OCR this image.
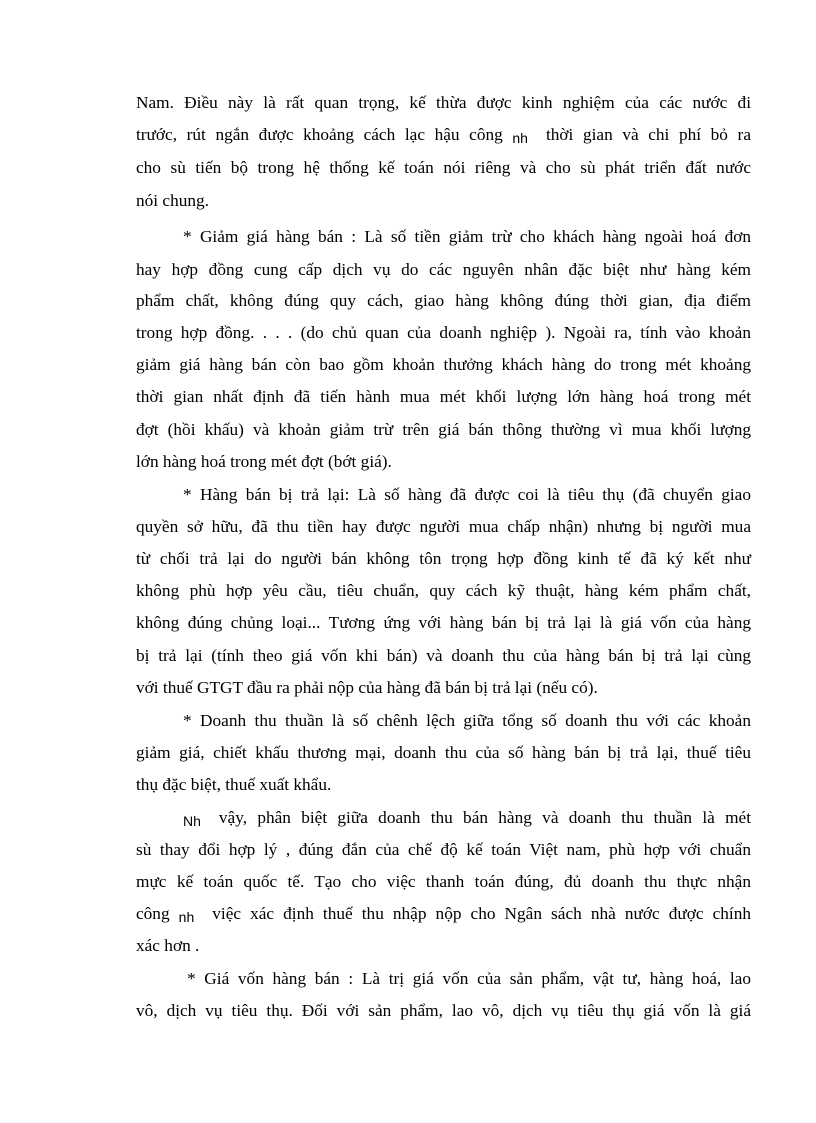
Nam. Điều này là rất quan trọng, kế thừa được kinh nghiệm của các nước đi
trước, rút ngắn được khoảng cách lạc hậu công nh thời gian và chi phí bỏ ra
cho sù tiến bộ trong hệ thống kế toán nói riêng và cho sù phát triển đất nước
nói chung.
* Giảm giá hàng bán : Là số tiền giảm trừ cho khách hàng ngoài hoá đơn
hay hợp đồng cung cấp dịch vụ do các nguyên nhân đặc biệt như hàng kém
phẩm chất, không đúng quy cách, giao hàng không đúng thời gian, địa điểm
trong hợp đồng. . . . (do chủ quan của doanh nghiệp ). Ngoài ra, tính vào khoản
giảm giá hàng bán còn bao gồm khoản thưởng khách hàng do trong mét khoảng
thời gian nhất định đã tiến hành mua mét khối lượng lớn hàng hoá trong mét
đợt (hồi khấu) và khoản giảm trừ trên giá bán thông thường vì mua khối lượng
lớn hàng hoá trong mét đợt (bớt giá).
* Hàng bán bị trả lại: Là số hàng đã được coi là tiêu thụ (đã chuyển giao
quyền sở hữu, đã thu tiền hay được người mua chấp nhận) nhưng bị người mua
từ chối trả lại do người bán không tôn trọng hợp đồng kinh tế đã ký kết như
không phù hợp yêu cầu, tiêu chuẩn, quy cách kỹ thuật, hàng kém phẩm chất,
không đúng chủng loại... Tương ứng với hàng bán bị trả lại là giá vốn của hàng
bị trả lại (tính theo giá vốn khi bán) và doanh thu của hàng bán bị trả lại cùng
với thuế GTGT đầu ra phải nộp của hàng đã bán bị trả lại (nếu có).
* Doanh thu thuần là số chênh lệch giữa tổng số doanh thu với các khoản
giảm giá, chiết khấu thương mại, doanh thu của số hàng bán bị trả lại, thuế tiêu
thụ đặc biệt, thuế xuất khẩu.
Nh vậy, phân biệt giữa doanh thu bán hàng và doanh thu thuần là mét
sù thay đổi hợp lý , đúng đắn của chế độ kế toán Việt nam, phù hợp với chuẩn
mực kế toán quốc tế. Tạo cho việc thanh toán đúng, đủ doanh thu thực nhận
công nh việc xác định thuế thu nhập nộp cho Ngân sách nhà nước được chính
xác hơn .
* Giá vốn hàng bán : Là trị giá vốn của sản phẩm, vật tư, hàng hoá, lao
vô, dịch vụ tiêu thụ. Đối với sản phẩm, lao vô, dịch vụ tiêu thụ giá vốn là giá
